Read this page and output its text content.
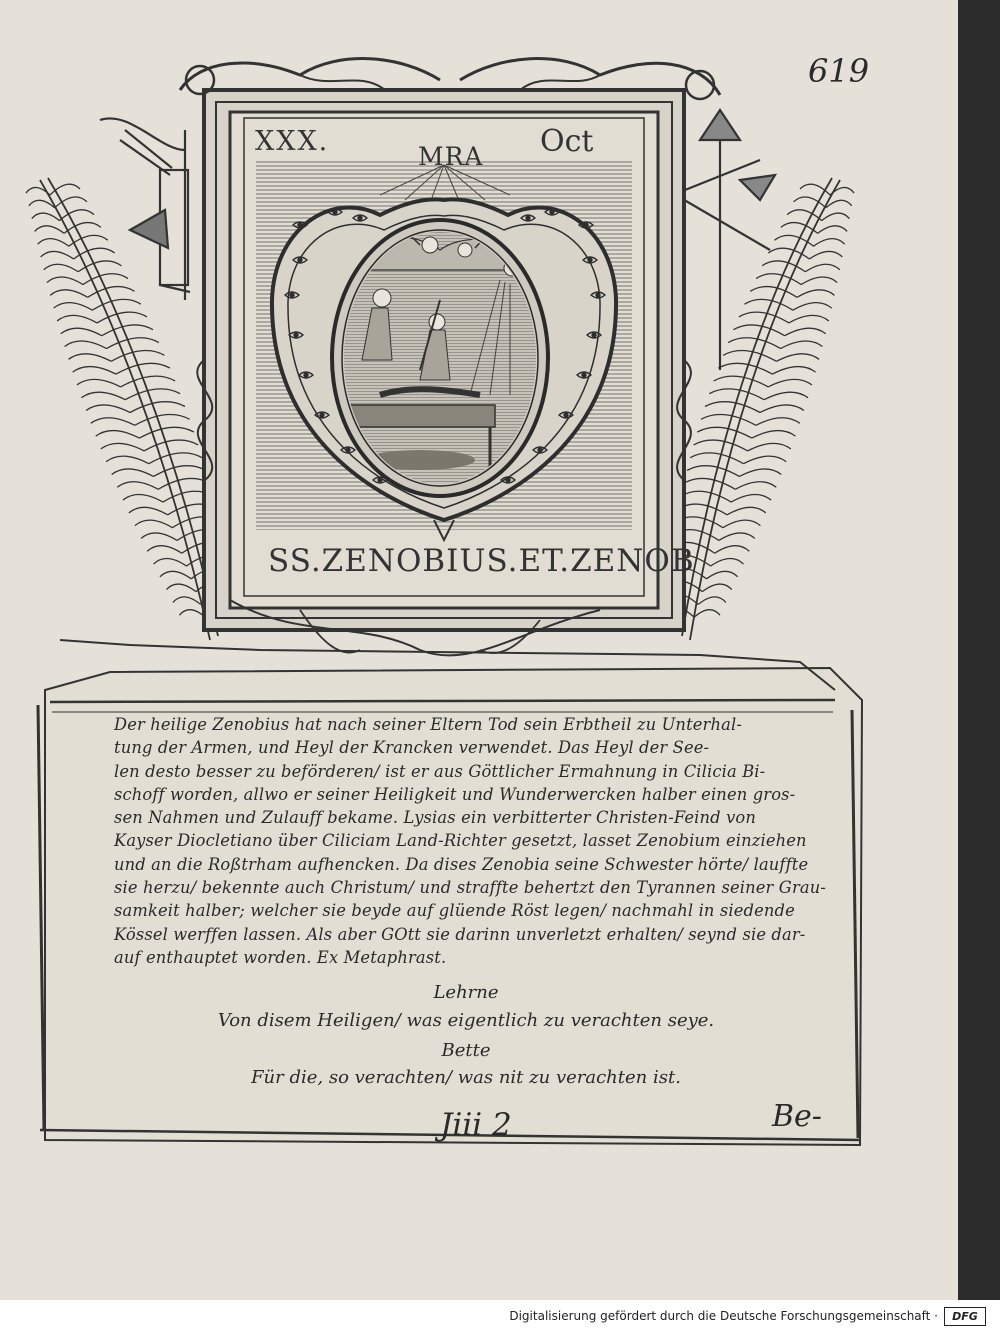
619
XXX.	MRA Oct
SS.ZENOBIUS.ET.ZENOB
Der heilige Zenobius hat nach seiner Eltern Tod sein Erbtheil zu Unterhal-
tung der Armen, und Heyl der Krancken verwendet. Das Heyl der See-
len desto besser zu beförderen/ ist er aus Göttlicher Ermahnung in Cilicia Bi-
schoff worden, allwo er seiner Heiligkeit und Wunderwercken halber einen gros-
sen Nahmen und Zulauff bekame. Lysias ein verbitterter Christen-Feind von
Kayser Diocletiano über Ciliciam Land-Richter gesetzt, lasset Zenobium einziehen
und an die Roßtrham aufhencken. Da dises Zenobia seine Schwester hörte/ lauffte
sie herzu/ bekennte auch Christum/ und straffte behertzt den Tyrannen seiner Grau-
samkeit halber; welcher sie beyde auf glüende Röst legen/ nachmahl in siedende
Kössel werffen lassen. Als aber GOtt sie darinn unverletzt erhalten/ seynd sie dar-
auf enthauptet worden. Ex Metaphrast.
Lehrne
Von disem Heiligen/ was eigentlich zu verachten seye.
Bette
Für die, so verachten/ was nit zu verachten ist.
Jiii 2	Be-
Digitalisierung gefördert durch die Deutsche Forschungsgemeinschaft ·	DFG
